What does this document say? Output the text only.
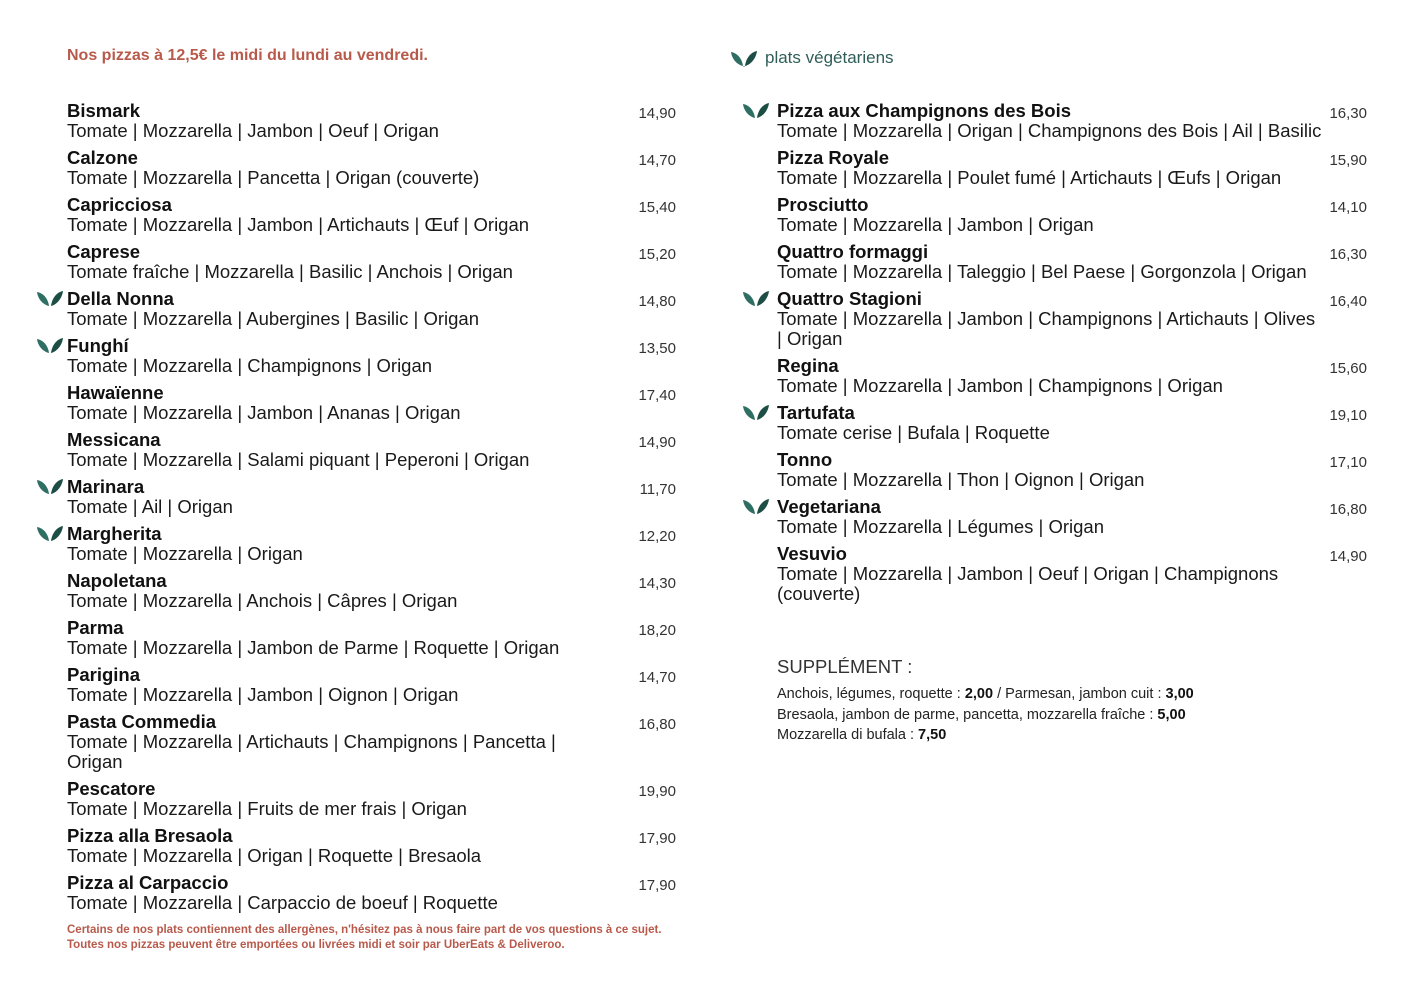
Nos pizzas à 12,5€ le midi du lundi au vendredi.	plats végétariens
Bismark
Tomate | Mozzarella | Jambon | Oeuf | Origan
14,90
Calzone
Tomate | Mozzarella | Pancetta | Origan (couverte)
14,70
Capricciosa
Tomate | Mozzarella | Jambon | Artichauts | Œuf | Origan
15,40
Caprese
Tomate fraîche | Mozzarella | Basilic | Anchois | Origan
15,20
Della Nonna
Tomate | Mozzarella | Aubergines | Basilic | Origan
14,80
Funghí
Tomate | Mozzarella | Champignons | Origan
13,50
Hawaïenne
Tomate | Mozzarella | Jambon | Ananas | Origan
17,40
Messicana
Tomate | Mozzarella | Salami piquant | Peperoni | Origan
14,90
Marinara
Tomate | Ail | Origan
11,70
Margherita
Tomate | Mozzarella | Origan
12,20
Napoletana
Tomate | Mozzarella | Anchois | Câpres | Origan
14,30
Parma
Tomate | Mozzarella | Jambon de Parme | Roquette | Origan
18,20
Parigina
Tomate | Mozzarella | Jambon | Oignon | Origan
14,70
Pasta Commedia
Tomate | Mozzarella | Artichauts | Champignons | Pancetta | Origan
16,80
Pescatore
Tomate | Mozzarella | Fruits de mer frais | Origan
19,90
Pizza alla Bresaola
Tomate | Mozzarella | Origan | Roquette | Bresaola
17,90
Pizza al Carpaccio
Tomate | Mozzarella | Carpaccio de boeuf | Roquette
17,90
Pizza aux Champignons des Bois
Tomate | Mozzarella | Origan | Champignons des Bois | Ail | Basilic
16,30
Pizza Royale
Tomate | Mozzarella | Poulet fumé | Artichauts | Œufs | Origan
15,90
Prosciutto
Tomate | Mozzarella | Jambon | Origan
14,10
Quattro formaggi
Tomate | Mozzarella | Taleggio | Bel Paese | Gorgonzola | Origan
16,30
Quattro Stagioni
Tomate | Mozzarella | Jambon | Champignons | Artichauts | Olives | Origan
16,40
Regina
Tomate | Mozzarella | Jambon | Champignons | Origan
15,60
Tartufata
Tomate cerise | Bufala | Roquette
19,10
Tonno
Tomate | Mozzarella | Thon | Oignon | Origan
17,10
Vegetariana
Tomate | Mozzarella | Légumes | Origan
16,80
Vesuvio
Tomate | Mozzarella | Jambon | Oeuf | Origan | Champignons (couverte)
14,90
SUPPLÉMENT :
Anchois, légumes, roquette : 2,00 / Parmesan, jambon cuit : 3,00
Bresaola, jambon de parme, pancetta, mozzarella fraîche : 5,00
Mozzarella di bufala : 7,50
Certains de nos plats contiennent des allergènes, n'hésitez pas à nous faire part de vos questions à ce sujet.
Toutes nos pizzas peuvent être emportées ou livrées midi et soir par UberEats & Deliveroo.
